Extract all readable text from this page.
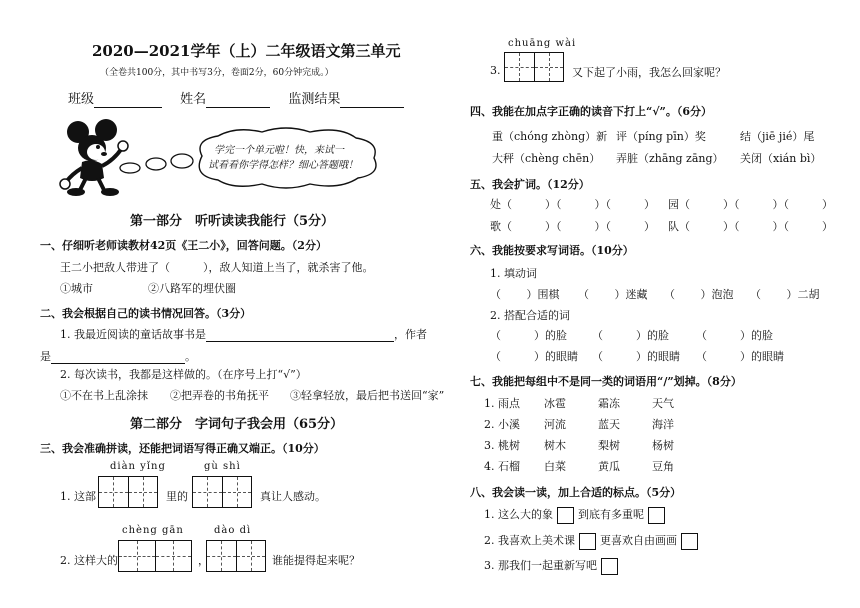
2020—2021学年（上）二年级语文第三单元
（全卷共100分，其中书写3分，卷面2分，60分钟完成。）
班级	姓名	监测结果
学完一个单元啦！快，来试一
试看看你学得怎样？细心答题哦！
第一部分　听听读读我能行（5分）
一、仔细听老师读教材42页《王二小》，回答问题。（2分）
王二小把敌人带进了（　　　），敌人知道上当了，就杀害了他。
①城市	②八路军的埋伏圈
二、我会根据自己的读书情况回答。（3分）
1. 我最近阅读的童话故事书是	，作者
是	。
2. 每次读书，我都是这样做的。（在序号上打“√”）
①不在书上乱涂抹 ②把弄卷的书角抚平 ③轻拿轻放，最后把书送回“家”
第二部分　字词句子我会用（65分）
三、我会准确拼读，还能把词语写得正确又端正。（10分）
diàn yǐng	gù shì
1. 这部	里的	真让人感动。
chèng gān	dào dì
2. 这样大的	，	谁能提得起来呢？
chuāng wài
3.	又下起了小雨，我怎么回家呢？
四、我能在加点字正确的读音下打上“√”。（6分）
重（chóng zhòng）新 评（píng pīn）奖	结（jiē jié）尾
大秤（chèng chēn） 弄脏（zhāng zāng） 关闭（xián bì）
五、我会扩词。（12分）
处（　　　）（　　　）（　　　） 园（　　　）（　　　）（　　　）
歌（　　　）（　　　）（　　　） 队（　　　）（　　　）（　　　）
六、我能按要求写词语。（10分）
1. 填动词
（　　 ）围棋 （　　 ）迷藏 （　　 ）泡泡 （　　 ）二胡
2. 搭配合适的词
（　　　）的脸 （　　　）的脸 （　　　）的脸
（　　　）的眼睛 （　　　）的眼睛 （　　　）的眼睛
七、我能把每组中不是同一类的词语用“/”划掉。（8分）
1. 雨点	冰雹	霜冻	天气
2. 小溪	河流	蓝天	海洋
3. 桃树	树木	梨树	杨树
4. 石榴	白菜	黄瓜	豆角
八、我会读一读，加上合适的标点。（5分）
1. 这么大的象 到底有多重呢
2. 我喜欢上美术课 更喜欢自由画画
3. 那我们一起重新写吧
